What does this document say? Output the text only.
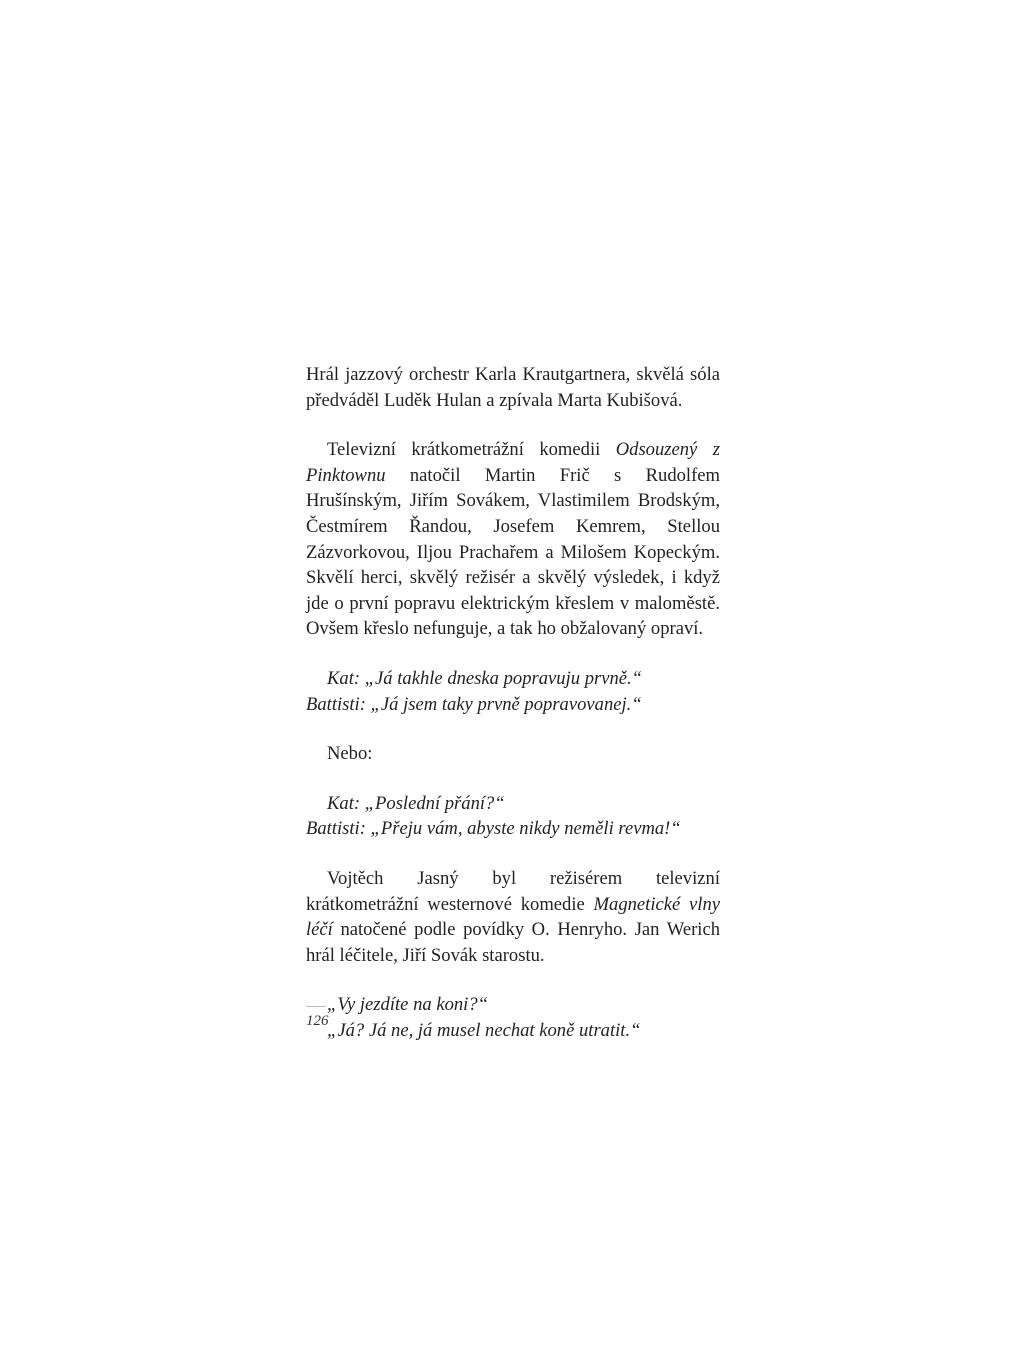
Hrál jazzový orchestr Karla Krautgartnera, skvělá sóla předváděl Luděk Hulan a zpívala Marta Kubišová.

Televizní krátkometrážní komedii Odsouzený z Pinktownu natočil Martin Frič s Rudolfem Hrušínským, Jiřím Sovákem, Vlastimilem Brodským, Čestmírem Řandou, Josefem Kemrem, Stellou Zázvorkovou, Iljou Prachařem a Milošem Kopeckým. Skvělí herci, skvělý režisér a skvělý výsledek, i když jde o první popravu elektrickým křeslem v maloměstě. Ovšem křeslo nefunguje, a tak ho obžalovaný opraví.

Kat: „Já takhle dneska popravuju prvně.“
Battisti: „Já jsem taky prvně popravovanej.“

Nebo:

Kat: „Poslední přání?“
Battisti: „Přeju vám, abyste nikdy neměli revma!“

Vojtěch Jasný byl režisérem televizní krátkometrážní westernové komedie Magnetické vlny léčí natočené podle povídky O. Henryho. Jan Werich hrál léčitele, Jiří Sovák starostu.

„Vy jezdíte na koni?“
„Já? Já ne, já musel nechat koně utratit.“
126
